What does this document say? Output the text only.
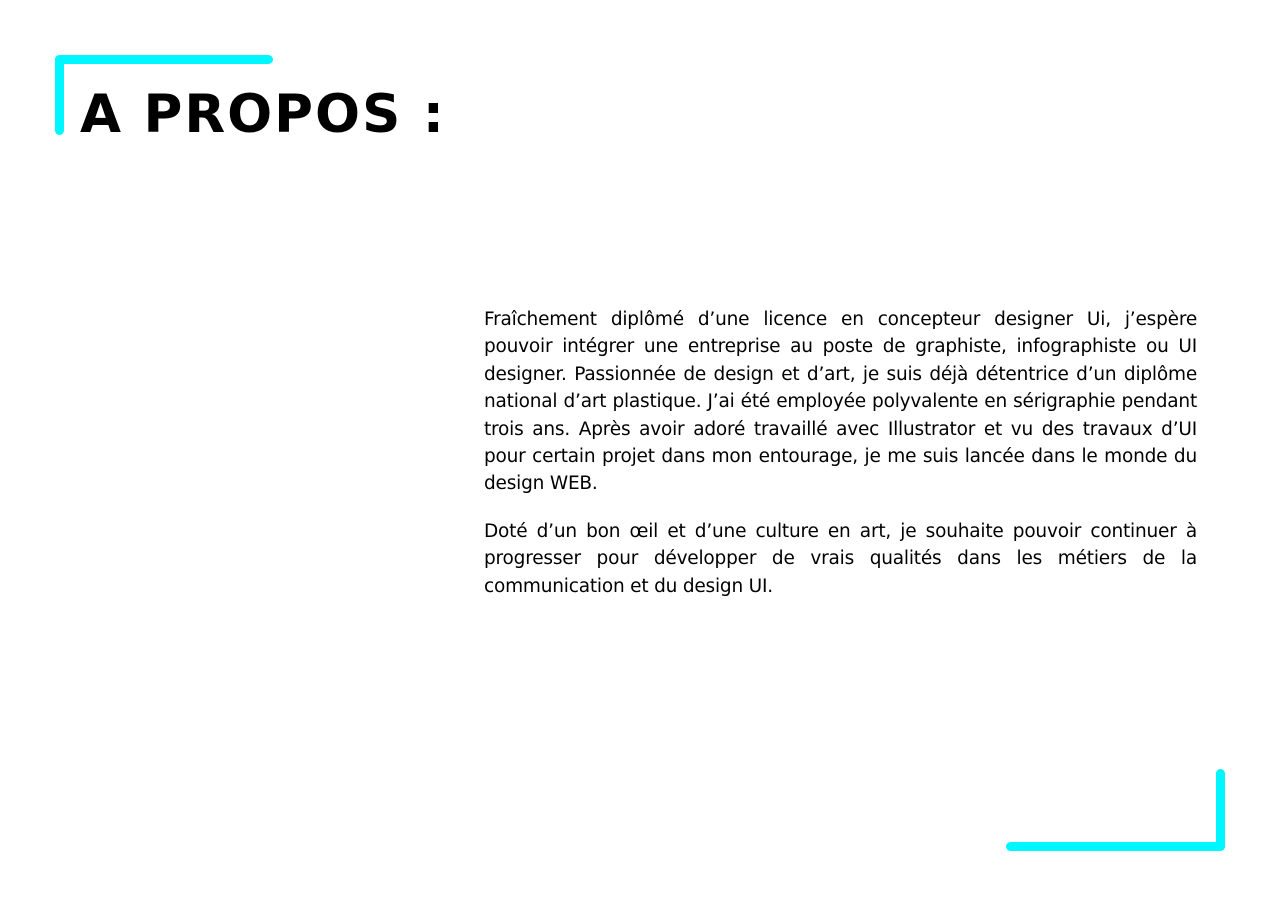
A PROPOS :

Fraîchement diplômé d’une licence en concepteur designer Ui, j’espère pouvoir intégrer une entreprise au poste de graphiste, infographiste ou UI designer. Passionnée de design et d’art, je suis déjà détentrice d’un diplôme national d’art plastique. J’ai été employée polyvalente en sérigraphie pendant trois ans. Après avoir adoré travaillé avec Illustrator et vu des travaux d’UI pour certain projet dans mon entourage, je me suis lancée dans le monde du design WEB.

Doté d’un bon œil et d’une culture en art, je souhaite pouvoir continuer à progresser pour développer de vrais qualités dans les métiers de la communication et du design UI.
